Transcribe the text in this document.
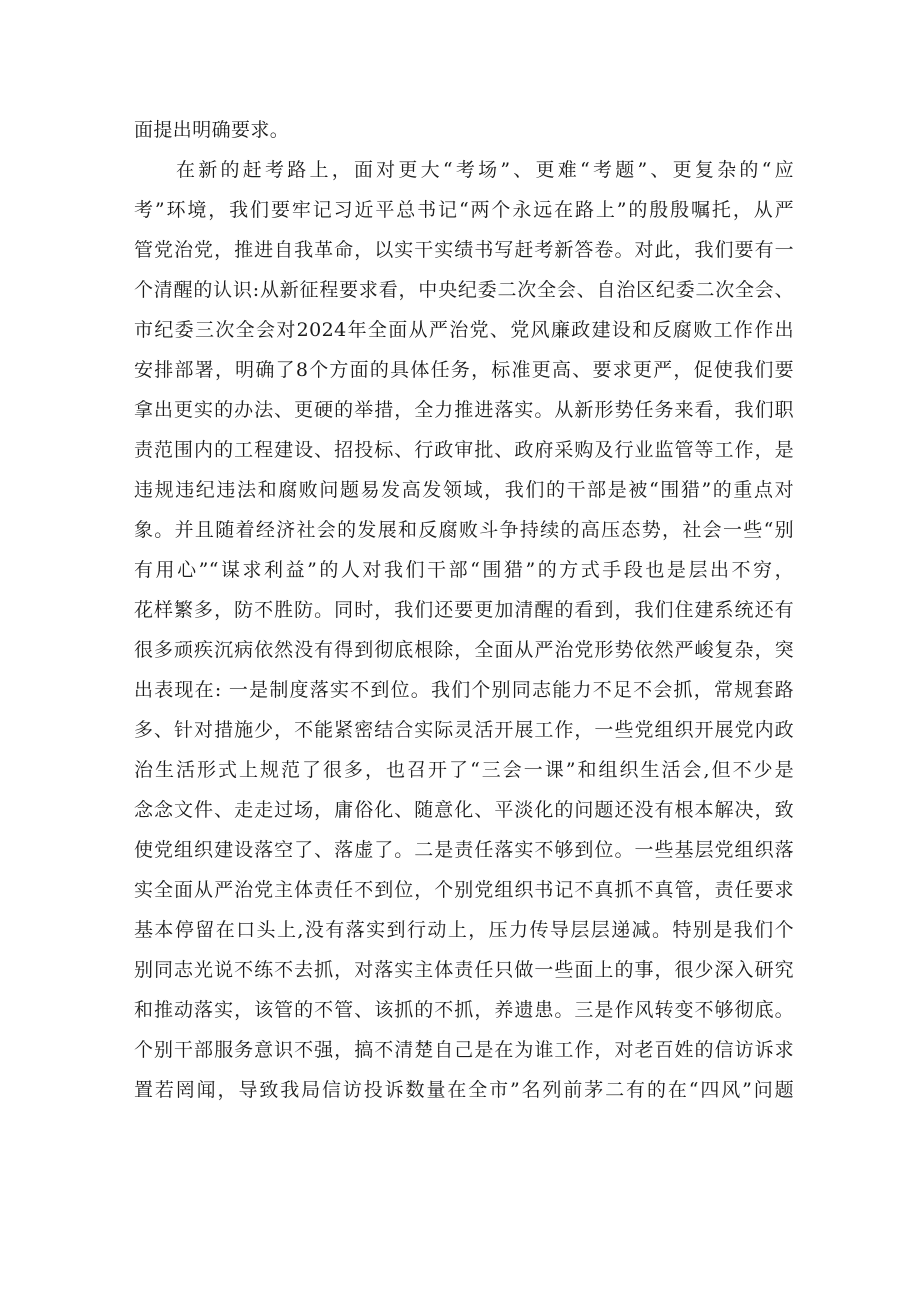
面提出明确要求。
在新的赶考路上，面对更大“考场”、更难“考题”、更复杂的“应
考”环境，我们要牢记习近平总书记“两个永远在路上”的殷殷嘱托，从严
管党治党，推进自我革命，以实干实绩书写赶考新答卷。对此，我们要有一
个清醒的认识:从新征程要求看，中央纪委二次全会、自治区纪委二次全会、
市纪委三次全会对2024年全面从严治党、党风廉政建设和反腐败工作作出
安排部署，明确了8个方面的具体任务，标准更高、要求更严，促使我们要
拿出更实的办法、更硬的举措，全力推进落实。从新形势任务来看，我们职
责范围内的工程建设、招投标、行政审批、政府采购及行业监管等工作，是
违规违纪违法和腐败问题易发高发领域，我们的干部是被“围猎”的重点对
象。并且随着经济社会的发展和反腐败斗争持续的高压态势，社会一些“别
有用心”“谋求利益”的人对我们干部“围猎”的方式手段也是层出不穷，
花样繁多，防不胜防。同时，我们还要更加清醒的看到，我们住建系统还有
很多顽疾沉病依然没有得到彻底根除，全面从严治党形势依然严峻复杂，突
出表现在: 一是制度落实不到位。我们个别同志能力不足不会抓，常规套路
多、针对措施少，不能紧密结合实际灵活开展工作，一些党组织开展党内政
治生活形式上规范了很多，也召开了“三会一课”和组织生活会,但不少是
念念文件、走走过场，庸俗化、随意化、平淡化的问题还没有根本解决，致
使党组织建设落空了、落虚了。二是责任落实不够到位。一些基层党组织落
实全面从严治党主体责任不到位，个别党组织书记不真抓不真管，责任要求
基本停留在口头上,没有落实到行动上，压力传导层层递减。特别是我们个
别同志光说不练不去抓，对落实主体责任只做一些面上的事，很少深入研究
和推动落实，该管的不管、该抓的不抓，养遗患。三是作风转变不够彻底。
个别干部服务意识不强，搞不清楚自己是在为谁工作，对老百姓的信访诉求
置若罔闻，导致我局信访投诉数量在全市”名列前茅二有的在“四风”问题
